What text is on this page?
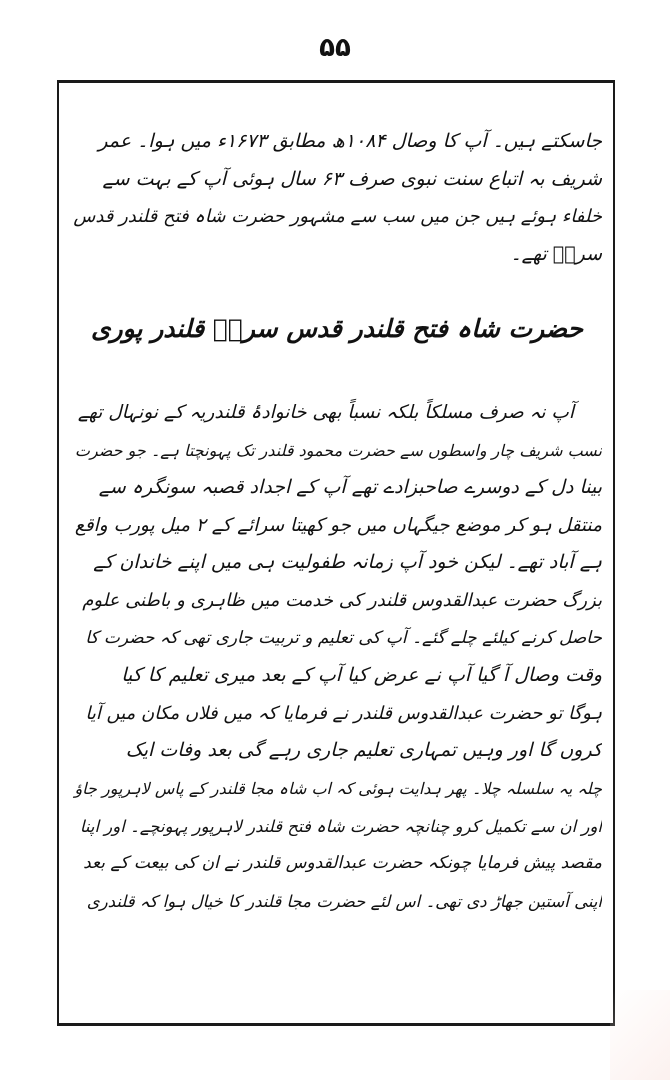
۵۵
جاسکتے ہیں۔ آپ کا وصال ۱۰۸۴ھ مطابق ۱۶۷۳ء میں ہوا۔ عمر
شریف بہ اتباع سنت نبوی صرف ۶۳ سال ہوئی آپ کے بہت سے
خلفاء ہوئے ہیں جن میں سب سے مشہور حضرت شاہ فتح قلندر قدس
سرہٗ تھے۔
حضرت شاہ فتح قلندر قدس سرہٗ قلندر پوری
آپ نہ صرف مسلکاً بلکہ نسباً بھی خانوادۂ قلندریہ کے نونہال تھے
نسب شریف چار واسطوں سے حضرت محمود قلندر تک پہونچتا ہے۔ جو حضرت
بینا دل کے دوسرے صاحبزادے تھے آپ کے اجداد قصبہ سونگرہ سے
منتقل ہو کر موضع جیگہاں میں جو کھیتا سرائے کے ۲ میل پورب واقع
ہے آباد تھے۔ لیکن خود آپ زمانہ طفولیت ہی میں اپنے خاندان کے
بزرگ حضرت عبدالقدوس قلندر کی خدمت میں ظاہری و باطنی علوم
حاصل کرنے کیلئے چلے گئے۔ آپ کی تعلیم و تربیت جاری تھی کہ حضرت کا
وقت وصال آ گیا آپ نے عرض کیا آپ کے بعد میری تعلیم کا کیا
ہوگا تو حضرت عبدالقدوس قلندر نے فرمایا کہ میں فلاں مکان میں آیا
کروں گا اور وہیں تمہاری تعلیم جاری رہے گی بعد وفات ایک
چلہ یہ سلسلہ چلا۔ پھر ہدایت ہوئی کہ اب شاہ مجا قلندر کے پاس لاہرپور جاؤ
اور ان سے تکمیل کرو چنانچہ حضرت شاہ فتح قلندر لاہرپور پہونچے۔ اور اپنا
مقصد پیش فرمایا چونکہ حضرت عبدالقدوس قلندر نے ان کی بیعت کے بعد
اپنی آستین جھاڑ دی تھی۔ اس لئے حضرت مجا قلندر کا خیال ہوا کہ قلندری
